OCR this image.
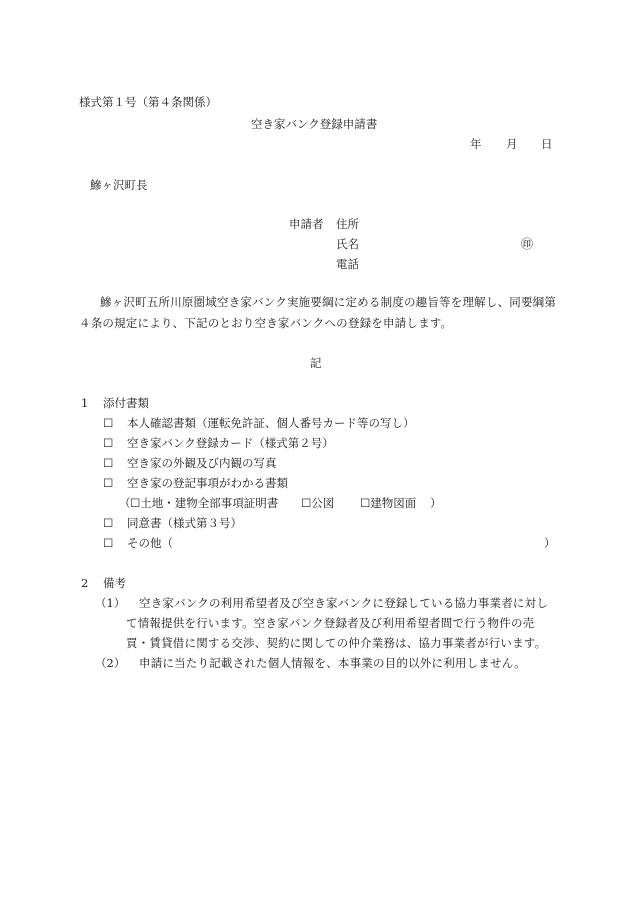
様式第１号（第４条関係）
空き家バンク登録申請書
年 月 日
鰺ヶ沢町長
申請者 住所
氏名	㊞
電話
鰺ヶ沢町五所川原圏域空き家バンク実施要綱に定める制度の趣旨等を理解し、同要綱第
４条の規定により、下記のとおり空き家バンクへの登録を申請します。
記
1 添付書類
☐ 本人確認書類（運転免許証、個人番号カード等の写し）
☐ 空き家バンク登録カード（様式第２号）
☐ 空き家の外観及び内観の写真
☐ 空き家の登記事項がわかる書類
（ ☐土地・建物全部事項証明書 ☐公図 ☐建物図面 ）
☐ 同意書（様式第３号）
☐ その他（	）
2 備考
（1） 空き家バンクの利用希望者及び空き家バンクに登録している協力事業者に対し
て情報提供を行います。空き家バンク登録者及び利用希望者間で行う物件の売
買・賃貸借に関する交渉、契約に関しての仲介業務は、協力事業者が行います。
（2） 申請に当たり記載された個人情報を、本事業の目的以外に利用しません。
